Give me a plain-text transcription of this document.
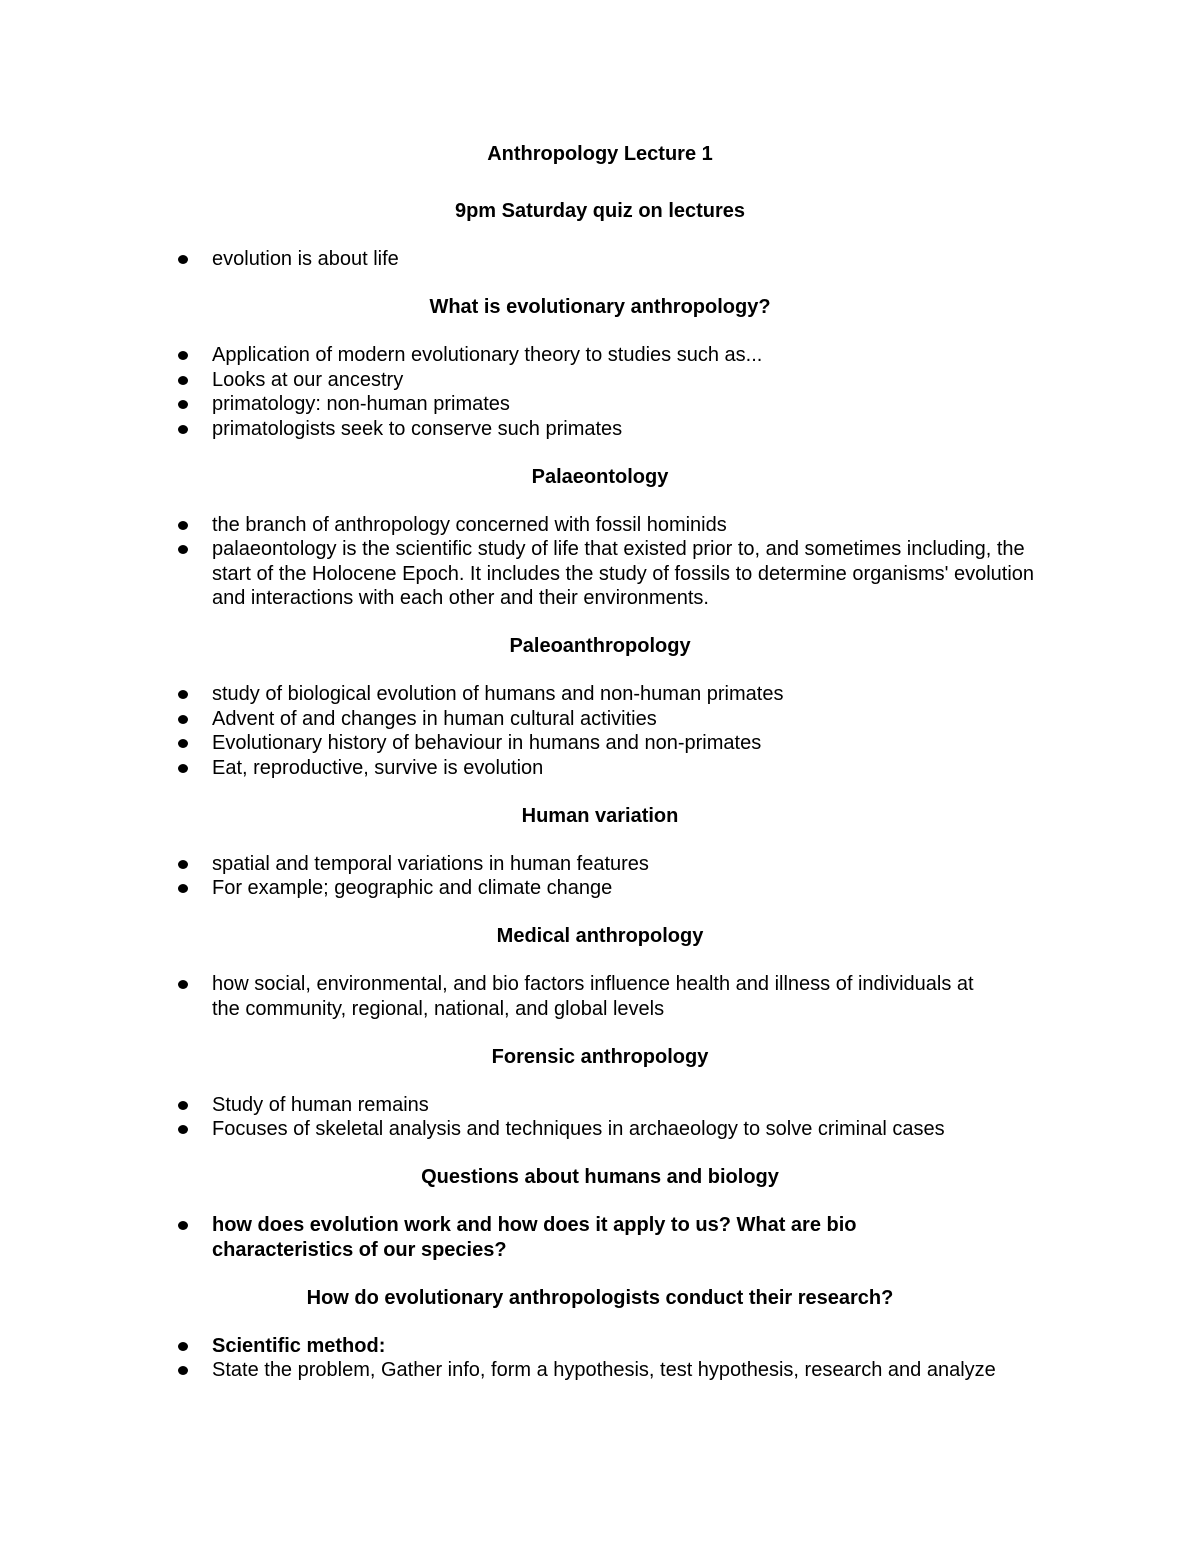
Anthropology Lecture 1
9pm Saturday quiz on lectures
evolution is about life
What is evolutionary anthropology?
Application of modern evolutionary theory to studies such as...
Looks at our ancestry
primatology: non-human primates
primatologists seek to conserve such primates
Palaeontology
the branch of anthropology concerned with fossil hominids
palaeontology is the scientific study of life that existed prior to, and sometimes including, the
start of the Holocene Epoch. It includes the study of fossils to determine organisms' evolution
and interactions with each other and their environments.
Paleoanthropology
study of biological evolution of humans and non-human primates
Advent of and changes in human cultural activities
Evolutionary history of behaviour in humans and non-primates
Eat, reproductive, survive is evolution
Human variation
spatial and temporal variations in human features
For example; geographic and climate change
Medical anthropology
how social, environmental, and bio factors influence health and illness of individuals at
the community, regional, national, and global levels
Forensic anthropology
Study of human remains
Focuses of skeletal analysis and techniques in archaeology to solve criminal cases
Questions about humans and biology
how does evolution work and how does it apply to us? What are bio
characteristics of our species?
How do evolutionary anthropologists conduct their research?
Scientific method:
State the problem, Gather info, form a hypothesis, test hypothesis, research and analyze
